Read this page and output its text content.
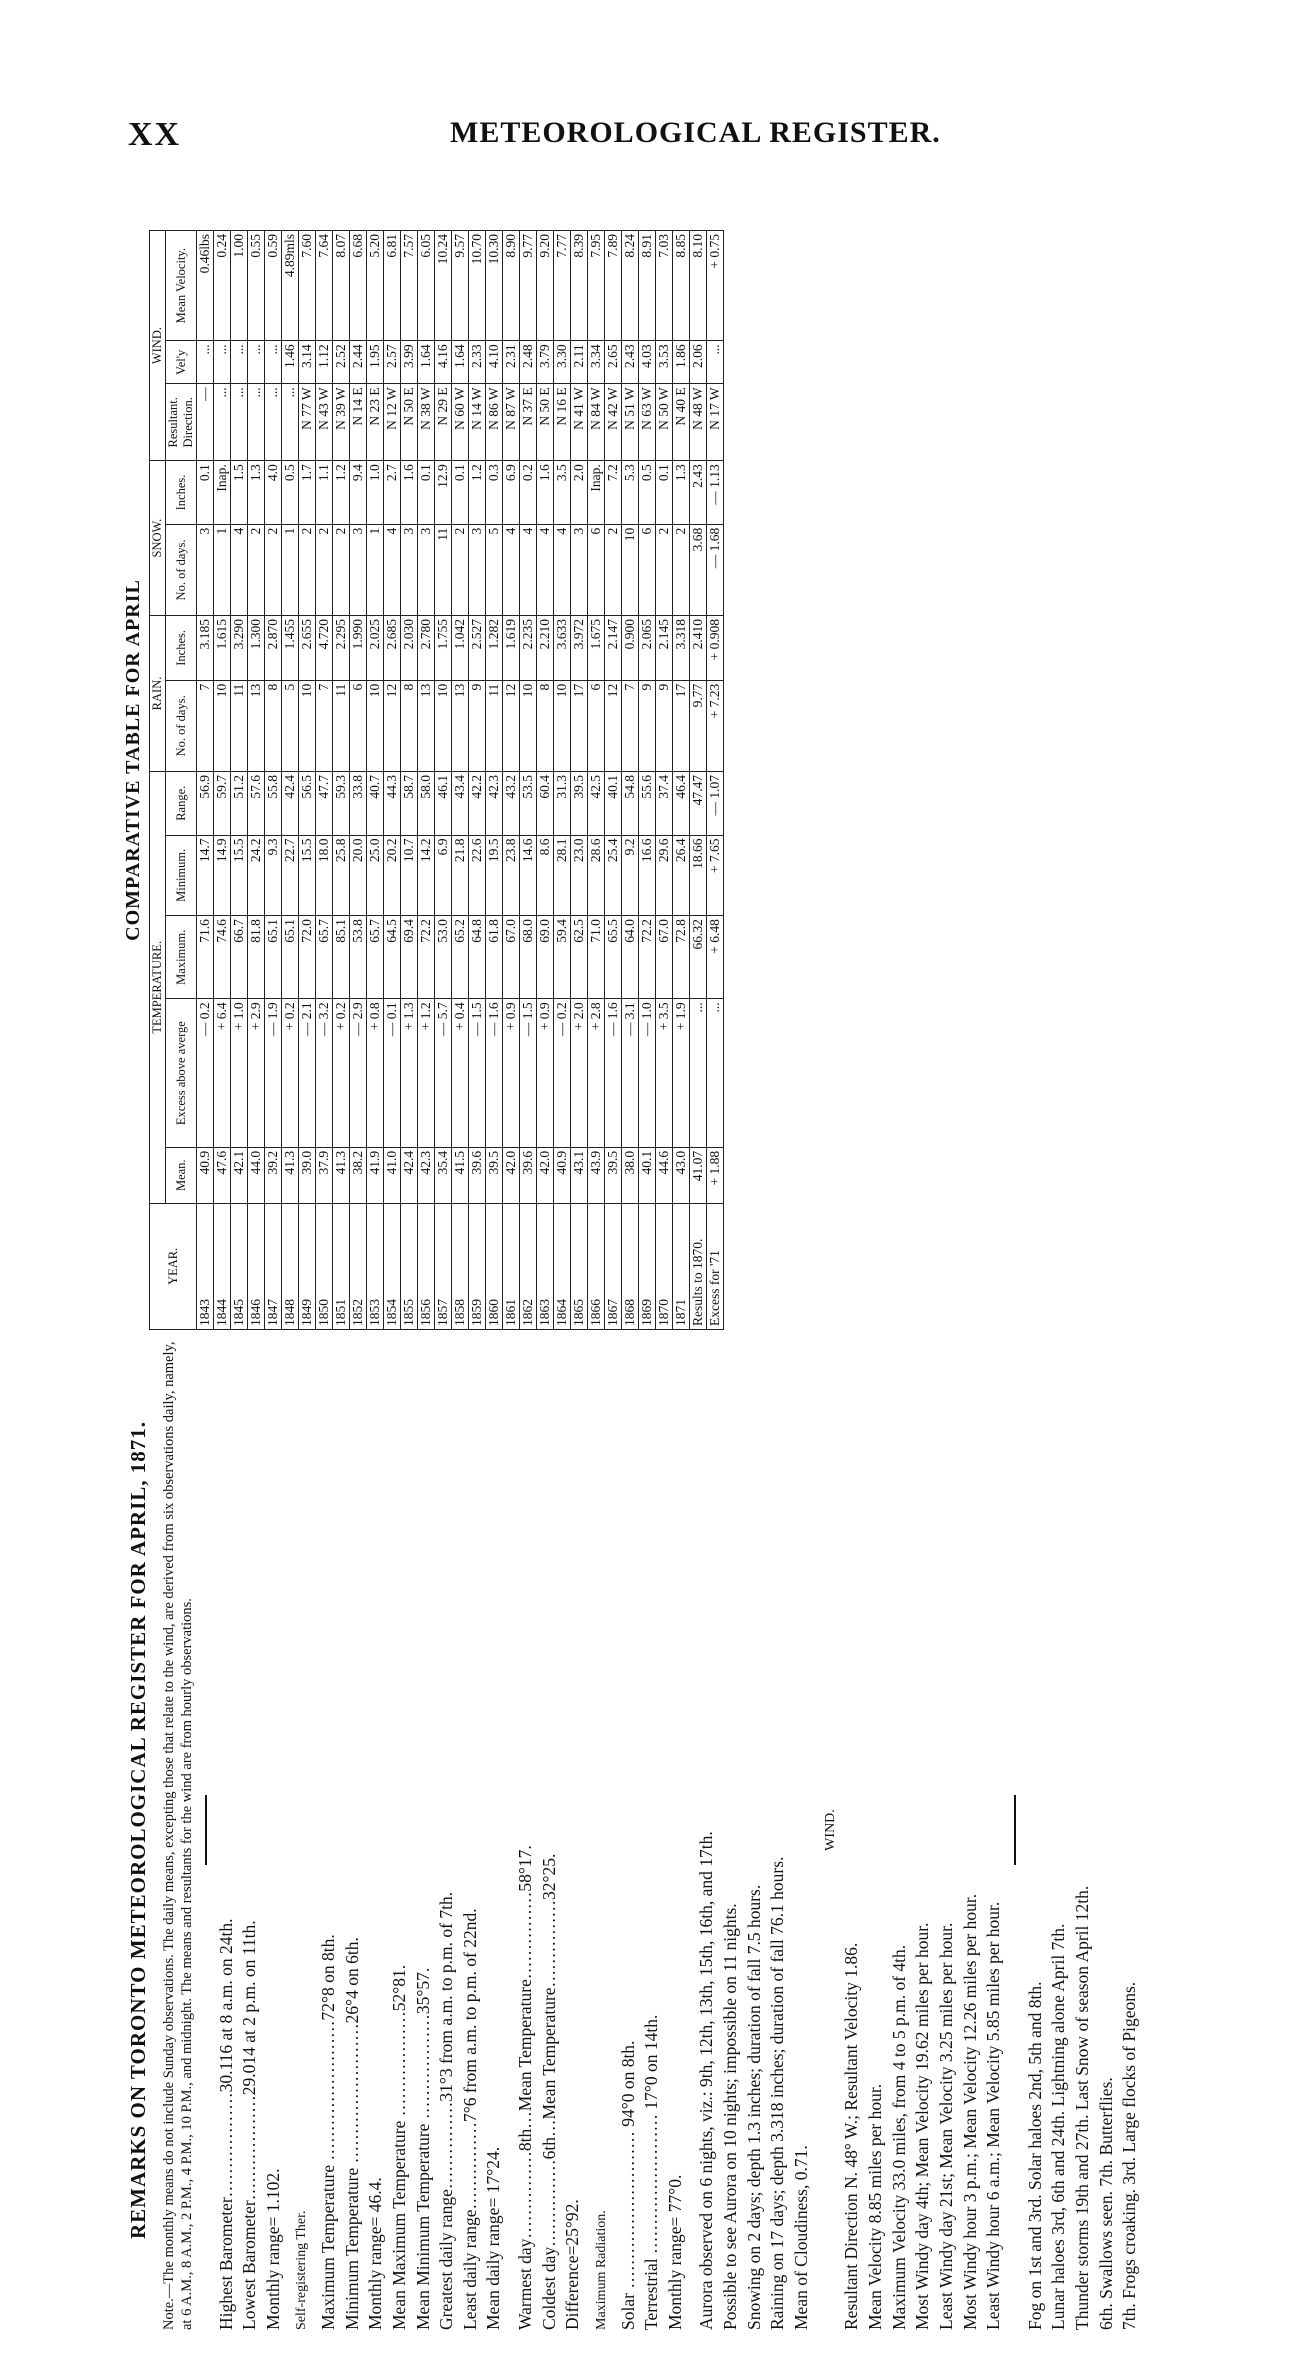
XX	METEOROLOGICAL REGISTER.
REMARKS ON TORONTO METEOROLOGICAL REGISTER FOR APRIL, 1871. Note.—The monthly means do not include Sunday observations. The daily means, excepting those that relate to the wind, are derived from six observations daily, namely, at 6 A.M., 8 A.M., 2 P.M., 4 P.M., 10 P.M., and midnight. The means and resultants for the wind are from hourly observations. Highest Barometer………………30.116 at 8 a.m. on 24th. Lowest Barometer………………29.014 at 2 p.m. on 11th. Monthly range= 1.102. Self-registering Ther. Maximum Temperature ……………………72°8 on 8th. Minimum Temperature ……………………26°4 on 6th. Monthly range= 46.4. Mean Maximum Temperature ………………52°81. Mean Minimum Temperature ………………35°57. Greatest daily range……………31°3 from a.m. to p.m. of 7th. Least daily range……………7°6 from a.m. to p.m. of 22nd. Mean daily range= 17°24. Warmest day……………8th…Mean Temperature……………58°17. Coldest day……………6th…Mean Temperature……………32°25. Difference=25°92. Maximum Radiation. Solar ……………………… 94°0 on 8th. Terrestrial …………………… 17°0 on 14th. Monthly range= 77°0. Aurora observed on 6 nights, viz.: 9th, 12th, 13th, 15th, 16th, and 17th. Possible to see Aurora on 10 nights; impossible on 11 nights. Snowing on 2 days; depth 1.3 inches; duration of fall 7.5 hours. Raining on 17 days; depth 3.318 inches; duration of fall 76.1 hours. Mean of Cloudiness, 0.71.
WIND.
Resultant Direction N. 48° W.; Resultant Velocity 1.86. Mean Velocity 8.85 miles per hour. Maximum Velocity 33.0 miles, from 4 to 5 p.m. of 4th. Most Windy day 4th; Mean Velocity 19.62 miles per hour. Least Windy day 21st; Mean Velocity 3.25 miles per hour. Most Windy hour 3 p.m.; Mean Velocity 12.26 miles per hour. Least Windy hour 6 a.m.; Mean Velocity 5.85 miles per hour. Fog on 1st and 3rd. Solar haloes 2nd, 5th and 8th. Lunar haloes 3rd, 6th and 24th. Lightning alone April 7th. Thunder storms 19th and 27th. Last Snow of season April 12th. 6th. Swallows seen. 7th. Butterflies. 7th. Frogs croaking. 3rd. Large flocks of Pigeons.
COMPARATIVE TABLE FOR APRIL
YEAR.	TEMPERATURE.					RAIN.		SNOW.		WIND.		
	Mean.	Excess above averge	Maximum.	Minimum.	Range.	No. of days.	Inches.	No. of days.	Inches.	Resultant.
Direction.	Vel'y	Mean Velocity.
1843	40.9	— 0.2	71.6	14.7	56.9	7	3.185	3	0.1	—	...	0.46lbs
1844	47.6	+ 6.4	74.6	14.9	59.7	10	1.615	1	Inap.	...	...	0.24
1845	42.1	+ 1.0	66.7	15.5	51.2	11	3.290	4	1.5	...	...	1.00
1846	44.0	+ 2.9	81.8	24.2	57.6	13	1.300	2	1.3	...	...	0.55
1847	39.2	— 1.9	65.1	9.3	55.8	8	2.870	2	4.0	...	...	0.59
1848	41.3	+ 0.2	65.1	22.7	42.4	5	1.455	1	0.5	...	1.46	4.89mls
1849	39.0	— 2.1	72.0	15.5	56.5	10	2.655	2	1.7	N 77 W	3.14	7.60
1850	37.9	— 3.2	65.7	18.0	47.7	7	4.720	2	1.1	N 43 W	1.12	7.64
1851	41.3	+ 0.2	85.1	25.8	59.3	11	2.295	2	1.2	N 39 W	2.52	8.07
1852	38.2	— 2.9	53.8	20.0	33.8	6	1.990	3	9.4	N 14 E	2.44	6.68
1853	41.9	+ 0.8	65.7	25.0	40.7	10	2.025	1	1.0	N 23 E	1.95	5.20
1854	41.0	— 0.1	64.5	20.2	44.3	12	2.685	4	2.7	N 12 W	2.57	6.81
1855	42.4	+ 1.3	69.4	10.7	58.7	8	2.030	3	1.6	N 50 E	3.99	7.57
1856	42.3	+ 1.2	72.2	14.2	58.0	13	2.780	3	0.1	N 38 W	1.64	6.05
1857	35.4	— 5.7	53.0	6.9	46.1	10	1.755	11	12.9	N 29 E	4.16	10.24
1858	41.5	+ 0.4	65.2	21.8	43.4	13	1.042	2	0.1	N 60 W	1.64	9.57
1859	39.6	— 1.5	64.8	22.6	42.2	9	2.527	3	1.2	N 14 W	2.33	10.70
1860	39.5	— 1.6	61.8	19.5	42.3	11	1.282	5	0.3	N 86 W	4.10	10.30
1861	42.0	+ 0.9	67.0	23.8	43.2	12	1.619	4	6.9	N 87 W	2.31	8.90
1862	39.6	— 1.5	68.0	14.6	53.5	10	2.235	4	0.2	N 37 E	2.48	9.77
1863	42.0	+ 0.9	69.0	8.6	60.4	8	2.210	4	1.6	N 50 E	3.79	9.20
1864	40.9	— 0.2	59.4	28.1	31.3	10	3.633	4	3.5	N 16 E	3.30	7.77
1865	43.1	+ 2.0	62.5	23.0	39.5	17	3.972	3	2.0	N 41 W	2.11	8.39
1866	43.9	+ 2.8	71.0	28.6	42.5	6	1.675	6	Inap.	N 84 W	3.34	7.95
1867	39.5	— 1.6	65.5	25.4	40.1	12	2.147	2	7.2	N 42 W	2.65	7.89
1868	38.0	— 3.1	64.0	9.2	54.8	7	0.900	10	5.3	N 51 W	2.43	8.24
1869	40.1	— 1.0	72.2	16.6	55.6	9	2.065	6	0.5	N 63 W	4.03	8.91
1870	44.6	+ 3.5	67.0	29.6	37.4	9	2.145	2	0.1	N 50 W	3.53	7.03
1871	43.0	+ 1.9	72.8	26.4	46.4	17	3.318	2	1.3	N 40 E	1.86	8.85
Results to 1870.	41.07	...	66.32	18.66	47.47	9.77	2.410	3.68	2.43	N 48 W	2.06	8.10
Excess for '71	+ 1.88	...	+ 6.48	+ 7.65	— 1.07	+ 7.23	+ 0.908	— 1.68	— 1.13	N 17 W	...	+ 0.75
